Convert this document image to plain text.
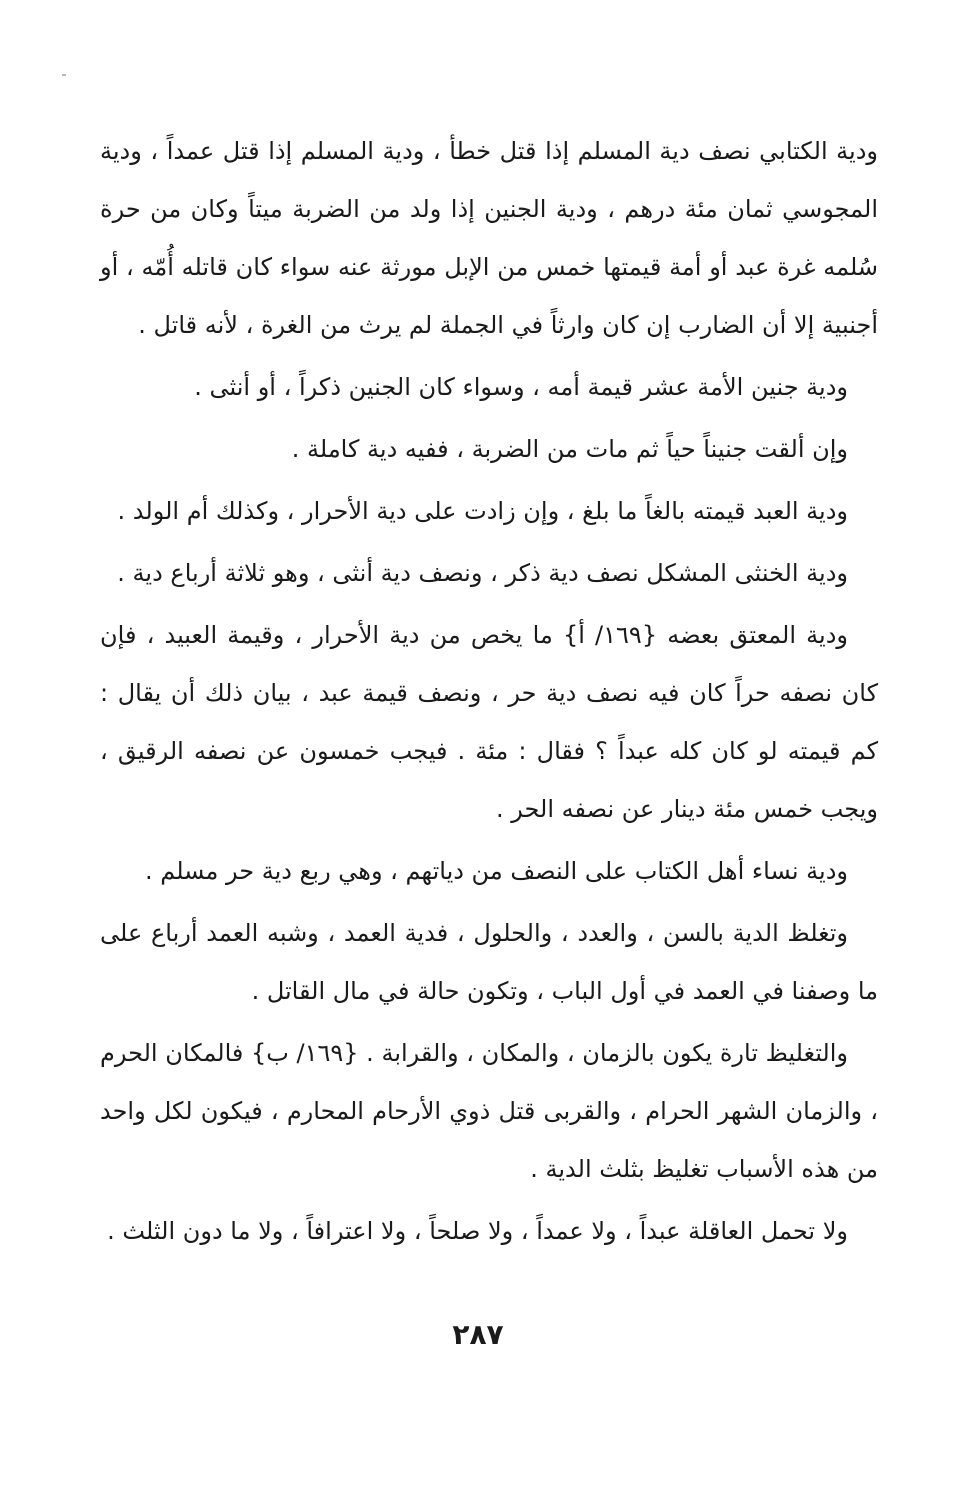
ودية الكتابي نصف دية المسلم إذا قتل خطأ ، ودية المسلم إذا قتل عمداً ، ودية المجوسي ثمان مئة درهم ، ودية الجنين إذا ولد من الضربة ميتاً وكان من حرة سُلمه غرة عبد أو أمة قيمتها خمس من الإبل مورثة عنه سواء كان قاتله أُمّه ، أو أجنبية إلا أن الضارب إن كان وارثاً في الجملة لم يرث من الغرة ، لأنه قاتل .

ودية جنين الأمة عشر قيمة أمه ، وسواء كان الجنين ذكراً ، أو أنثى .

وإن ألقت جنيناً حياً ثم مات من الضربة ، ففيه دية كاملة .

ودية العبد قيمته بالغاً ما بلغ ، وإن زادت على دية الأحرار ، وكذلك أم الولد .

ودية الخنثى المشكل نصف دية ذكر ، ونصف دية أنثى ، وهو ثلاثة أرباع دية .

ودية المعتق بعضه {١٦٩/ أ} ما يخص من دية الأحرار ، وقيمة العبيد ، فإن كان نصفه حراً كان فيه نصف دية حر ، ونصف قيمة عبد ، بيان ذلك أن يقال : كم قيمته لو كان كله عبداً ؟ فقال : مئة . فيجب خمسون عن نصفه الرقيق ، ويجب خمس مئة دينار عن نصفه الحر .

ودية نساء أهل الكتاب على النصف من دياتهم ، وهي ربع دية حر مسلم .

وتغلظ الدية بالسن ، والعدد ، والحلول ، فدية العمد ، وشبه العمد أرباع على ما وصفنا في العمد في أول الباب ، وتكون حالة في مال القاتل .

والتغليظ تارة يكون بالزمان ، والمكان ، والقرابة . {١٦٩/ ب} فالمكان الحرم ، والزمان الشهر الحرام ، والقربى قتل ذوي الأرحام المحارم ، فيكون لكل واحد من هذه الأسباب تغليظ بثلث الدية .

ولا تحمل العاقلة عبداً ، ولا عمداً ، ولا صلحاً ، ولا اعترافاً ، ولا ما دون الثلث .

٢٨٧
